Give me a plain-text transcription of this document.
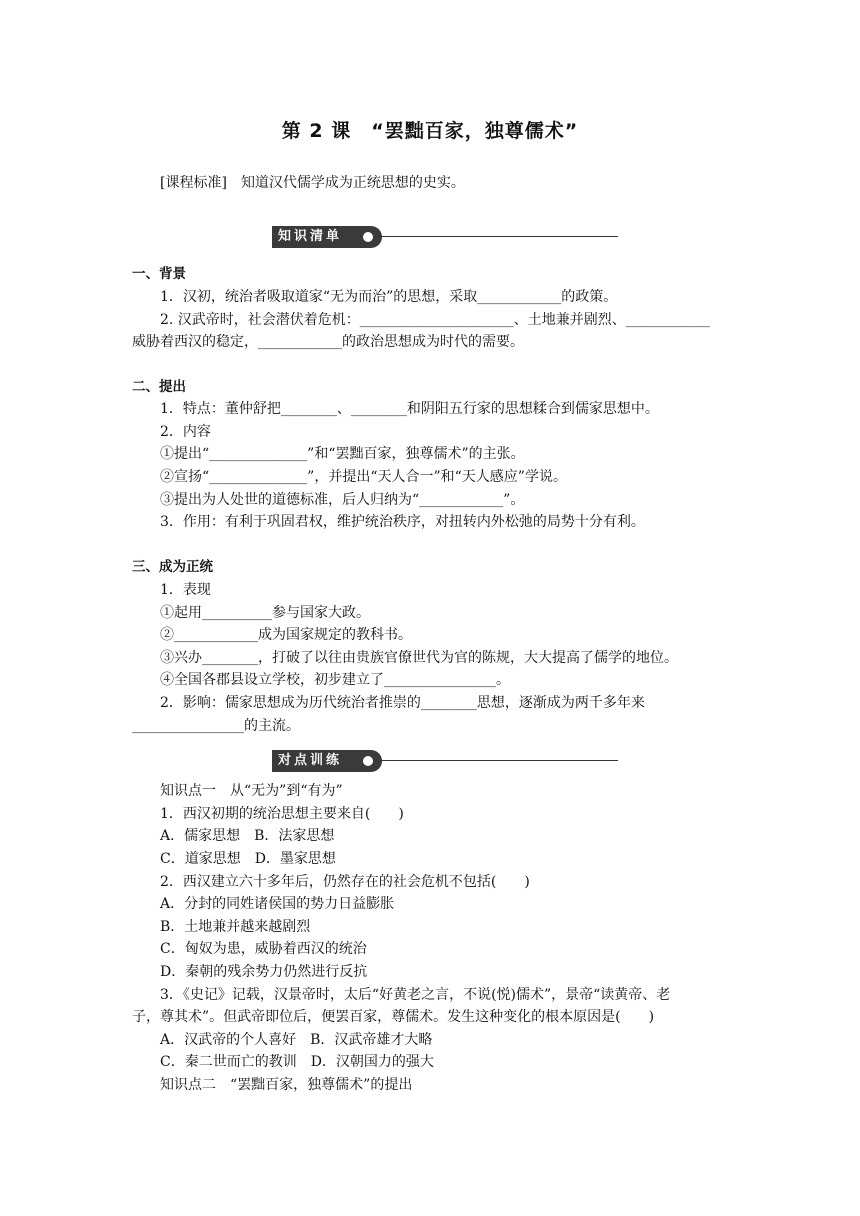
第 2 课　“罢黜百家，独尊儒术”
[课程标准] 知道汉代儒学成为正统思想的史实。
知识清单
一、背景
1．汉初，统治者吸取道家“无为而治”的思想，采取____________的政策。
2. 汉武帝时，社会潜伏着危机：______________________、土地兼并剧烈、____________
威胁着西汉的稳定，____________的政治思想成为时代的需要。
二、提出
1．特点：董仲舒把________、________和阴阳五行家的思想糅合到儒家思想中。
2．内容
①提出“______________”和“罢黜百家，独尊儒术”的主张。
②宣扬“______________”，并提出“天人合一”和“天人感应”学说。
③提出为人处世的道德标准，后人归纳为“____________”。
3．作用：有利于巩固君权，维护统治秩序，对扭转内外松弛的局势十分有利。
三、成为正统
1．表现
①起用__________参与国家大政。
②____________成为国家规定的教科书。
③兴办________，打破了以往由贵族官僚世代为官的陈规，大大提高了儒学的地位。
④全国各郡县设立学校，初步建立了________________。
2．影响：儒家思想成为历代统治者推崇的________思想，逐渐成为两千多年来
________________的主流。
对点训练
知识点一　从“无为”到“有为”
1．西汉初期的统治思想主要来自(　　)
A．儒家思想　B．法家思想
C．道家思想　D．墨家思想
2．西汉建立六十多年后，仍然存在的社会危机不包括(　　)
A．分封的同姓诸侯国的势力日益膨胀
B．土地兼并越来越剧烈
C．匈奴为患，威胁着西汉的统治
D．秦朝的残余势力仍然进行反抗
3．《史记》记载，汉景帝时，太后“好黄老之言，不说(悦)儒术”，景帝“读黄帝、老
子，尊其术”。但武帝即位后，便罢百家，尊儒术。发生这种变化的根本原因是(　　)
A．汉武帝的个人喜好　B．汉武帝雄才大略
C．秦二世而亡的教训　D．汉朝国力的强大
知识点二　“罢黜百家，独尊儒术”的提出
